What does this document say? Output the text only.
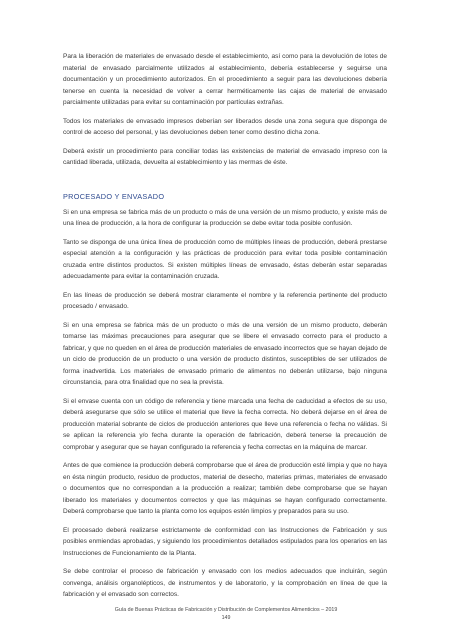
Para la liberación de materiales de envasado desde el establecimiento, así como para la devolución de lotes de material de envasado parcialmente utilizados al establecimiento, debería establecerse y seguirse una documentación y un procedimiento autorizados. En el procedimiento a seguir para las devoluciones debería tenerse en cuenta la necesidad de volver a cerrar herméticamente las cajas de material de envasado parcialmente utilizadas para evitar su contaminación por partículas extrañas.

Todos los materiales de envasado impresos deberían ser liberados desde una zona segura que disponga de control de acceso del personal, y las devoluciones deben tener como destino dicha zona.

Deberá existir un procedimiento para conciliar todas las existencias de material de envasado impreso con la cantidad liberada, utilizada, devuelta al establecimiento y las mermas de éste.

PROCESADO Y ENVASADO

Si en una empresa se fabrica más de un producto o más de una versión de un mismo producto, y existe más de una línea de producción, a la hora de configurar la producción se debe evitar toda posible confusión.

Tanto se disponga de una única línea de producción como de múltiples líneas de producción, deberá prestarse especial atención a la configuración y las prácticas de producción para evitar toda posible contaminación cruzada entre distintos productos. Si existen múltiples líneas de envasado, éstas deberán estar separadas adecuadamente para evitar la contaminación cruzada.

En las líneas de producción se deberá mostrar claramente el nombre y la referencia pertinente del producto procesado / envasado.

Si en una empresa se fabrica más de un producto o más de una versión de un mismo producto, deberán tomarse las máximas precauciones para asegurar que se libere el envasado correcto para el producto a fabricar, y que no queden en el área de producción materiales de envasado incorrectos que se hayan dejado de un ciclo de producción de un producto o una versión de producto distintos, susceptibles de ser utilizados de forma inadvertida. Los materiales de envasado primario de alimentos no deberán utilizarse, bajo ninguna circunstancia, para otra finalidad que no sea la prevista.

Si el envase cuenta con un código de referencia y tiene marcada una fecha de caducidad a efectos de su uso, deberá asegurarse que sólo se utilice el material que lleve la fecha correcta. No deberá dejarse en el área de producción material sobrante de ciclos de producción anteriores que lleve una referencia o fecha no válidas. Si se aplican la referencia y/o fecha durante la operación de fabricación, deberá tenerse la precaución de comprobar y asegurar que se hayan configurado la referencia y fecha correctas en la máquina de marcar.

Antes de que comience la producción deberá comprobarse que el área de producción esté limpia y que no haya en ésta ningún producto, residuo de productos, material de desecho, materias primas, materiales de envasado o documentos que no correspondan a la producción a realizar; también debe comprobarse que se hayan liberado los materiales y documentos correctos y que las máquinas se hayan configurado correctamente. Deberá comprobarse que tanto la planta como los equipos estén limpios y preparados para su uso.

El procesado deberá realizarse estrictamente de conformidad con las Instrucciones de Fabricación y sus posibles enmiendas aprobadas, y siguiendo los procedimientos detallados estipulados para los operarios en las Instrucciones de Funcionamiento de la Planta.

Se debe controlar el proceso de fabricación y envasado con los medios adecuados que incluirán, según convenga, análisis organolépticos, de instrumentos y de laboratorio, y la comprobación en línea de que la fabricación y el envasado son correctos.

Guía de Buenas Prácticas de Fabricación y Distribución de Complementos Alimenticios – 2019
149
